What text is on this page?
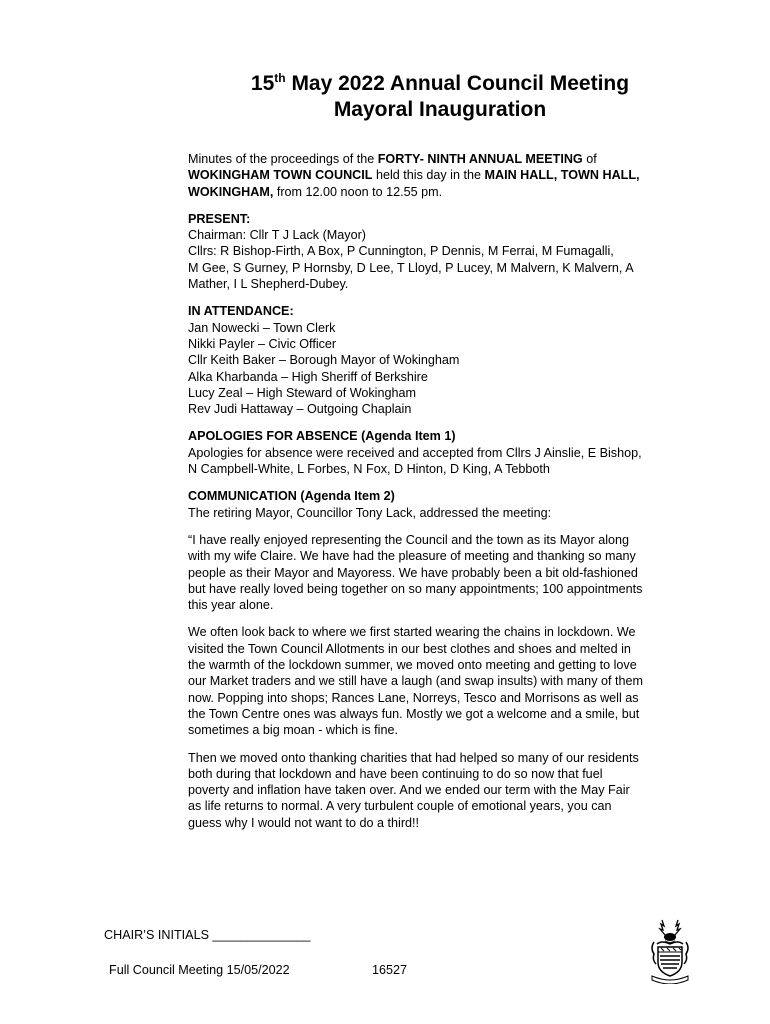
15th May 2022 Annual Council Meeting
Mayoral Inauguration

Minutes of the proceedings of the FORTY- NINTH ANNUAL MEETING of
WOKINGHAM TOWN COUNCIL held this day in the MAIN HALL, TOWN HALL,
WOKINGHAM, from 12.00 noon to 12.55 pm.

PRESENT:
Chairman: Cllr T J Lack (Mayor)
Cllrs: R Bishop-Firth, A Box, P Cunnington, P Dennis, M Ferrai, M Fumagalli,
M Gee, S Gurney, P Hornsby, D Lee, T Lloyd, P Lucey, M Malvern, K Malvern, A
Mather, I L Shepherd-Dubey.

IN ATTENDANCE:
Jan Nowecki – Town Clerk
Nikki Payler – Civic Officer
Cllr Keith Baker – Borough Mayor of Wokingham
Alka Kharbanda – High Sheriff of Berkshire
Lucy Zeal – High Steward of Wokingham
Rev Judi Hattaway – Outgoing Chaplain

APOLOGIES FOR ABSENCE (Agenda Item 1)
Apologies for absence were received and accepted from Cllrs J Ainslie, E Bishop,
N Campbell-White, L Forbes, N Fox, D Hinton, D King, A Tebboth

COMMUNICATION (Agenda Item 2)
The retiring Mayor, Councillor Tony Lack, addressed the meeting:

“I have really enjoyed representing the Council and the town as its Mayor along
with my wife Claire. We have had the pleasure of meeting and thanking so many
people as their Mayor and Mayoress. We have probably been a bit old-fashioned
but have really loved being together on so many appointments; 100 appointments
this year alone.

We often look back to where we first started wearing the chains in lockdown. We
visited the Town Council Allotments in our best clothes and shoes and melted in
the warmth of the lockdown summer, we moved onto meeting and getting to love
our Market traders and we still have a laugh (and swap insults) with many of them
now. Popping into shops; Rances Lane, Norreys, Tesco and Morrisons as well as
the Town Centre ones was always fun. Mostly we got a welcome and a smile, but
sometimes a big moan - which is fine.

Then we moved onto thanking charities that had helped so many of our residents
both during that lockdown and have been continuing to do so now that fuel
poverty and inflation have taken over. And we ended our term with the May Fair
as life returns to normal. A very turbulent couple of emotional years, you can
guess why I would not want to do a third!!

CHAIR’S INITIALS ______________
Full Council Meeting 15/05/2022	16527
